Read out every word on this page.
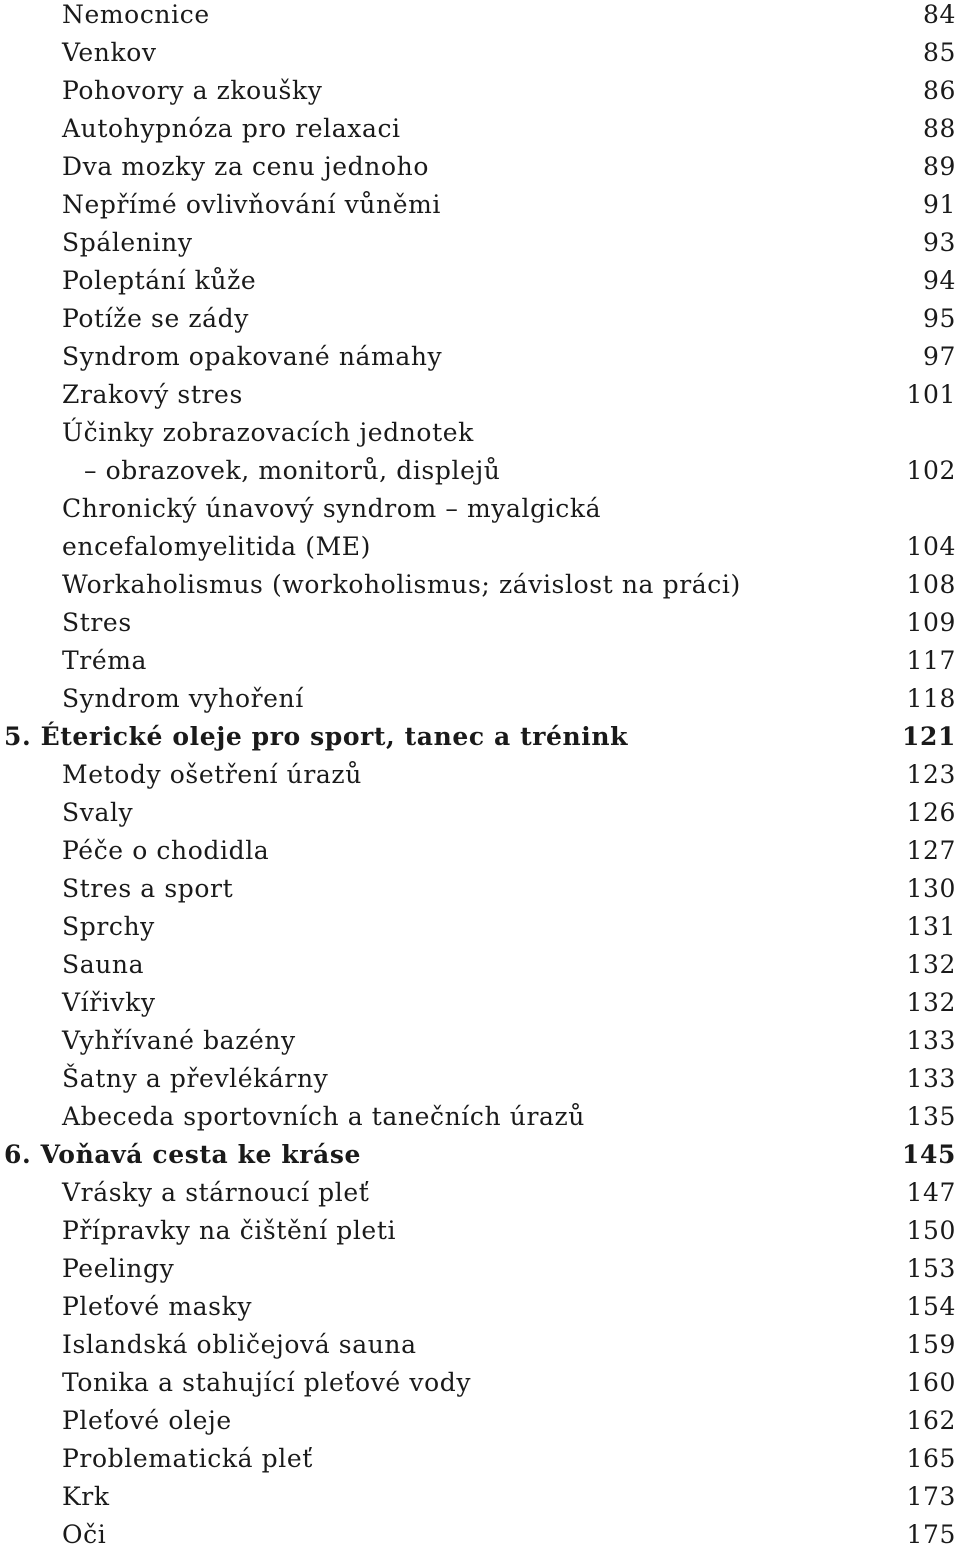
Nemocnice	84
Venkov	85
Pohovory a zkoušky	86
Autohypnóza pro relaxaci	88
Dva mozky za cenu jednoho	89
Nepřímé ovlivňování vůněmi	91
Spáleniny	93
Poleptání kůže	94
Potíže se zády	95
Syndrom opakované námahy	97
Zrakový stres	101
Účinky zobrazovacích jednotek
– obrazovek, monitorů, displejů	102
Chronický únavový syndrom – myalgická
encefalomyelitida (ME)	104
Workaholismus (workoholismus; závislost na práci)	108
Stres	109
Tréma	117
Syndrom vyhoření	118
5. Éterické oleje pro sport, tanec a trénink	121
Metody ošetření úrazů	123
Svaly	126
Péče o chodidla	127
Stres a sport	130
Sprchy	131
Sauna	132
Vířivky	132
Vyhřívané bazény	133
Šatny a převlékárny	133
Abeceda sportovních a tanečních úrazů	135
6. Voňavá cesta ke kráse	145
Vrásky a stárnoucí pleť	147
Přípravky na čištění pleti	150
Peelingy	153
Pleťové masky	154
Islandská obličejová sauna	159
Tonika a stahující pleťové vody	160
Pleťové oleje	162
Problematická pleť	165
Krk	173
Oči	175
